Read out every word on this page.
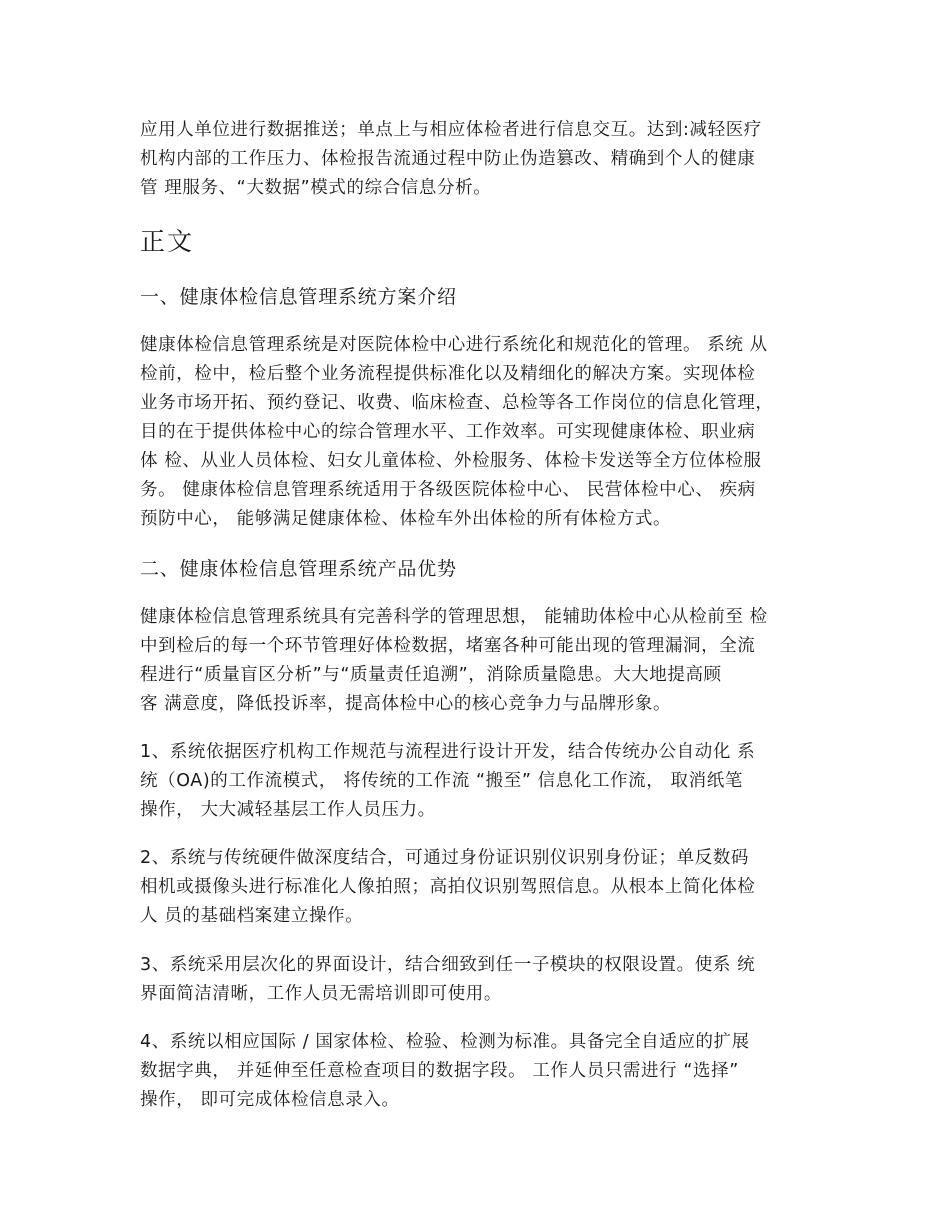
应用人单位进行数据推送；单点上与相应体检者进行信息交互。达到:减轻医疗
机构内部的工作压力、体检报告流通过程中防止伪造篡改、精确到个人的健康
管 理服务、“大数据”模式的综合信息分析。
正文
一、健康体检信息管理系统方案介绍
健康体检信息管理系统是对医院体检中心进行系统化和规范化的管理。 系统 从
检前，检中，检后整个业务流程提供标准化以及精细化的解决方案。实现体检
业务市场开拓、预约登记、收费、临床检查、总检等各工作岗位的信息化管理，
目的在于提供体检中心的综合管理水平、工作效率。可实现健康体检、职业病
体 检、从业人员体检、妇女儿童体检、外检服务、体检卡发送等全方位体检服
务。 健康体检信息管理系统适用于各级医院体检中心、 民营体检中心、 疾病
预防中心， 能够满足健康体检、体检车外出体检的所有体检方式。
二、健康体检信息管理系统产品优势
健康体检信息管理系统具有完善科学的管理思想， 能辅助体检中心从检前至 检
中到检后的每一个环节管理好体检数据，堵塞各种可能出现的管理漏洞，全流
程进行“质量盲区分析”与“质量责任追溯”，消除质量隐患。大大地提高顾
客 满意度，降低投诉率，提高体检中心的核心竞争力与品牌形象。
1、系统依据医疗机构工作规范与流程进行设计开发，结合传统办公自动化 系
统（OA)的工作流模式， 将传统的工作流 “搬至” 信息化工作流， 取消纸笔
操作， 大大减轻基层工作人员压力。
2、系统与传统硬件做深度结合，可通过身份证识别仪识别身份证；单反数码
相机或摄像头进行标准化人像拍照；高拍仪识别驾照信息。从根本上简化体检
人 员的基础档案建立操作。
3、系统采用层次化的界面设计，结合细致到任一子模块的权限设置。使系 统
界面简洁清晰，工作人员无需培训即可使用。
4、系统以相应国际 / 国家体检、检验、检测为标准。具备完全自适应的扩展
数据字典， 并延伸至任意检查项目的数据字段。 工作人员只需进行 “选择”
操作， 即可完成体检信息录入。
